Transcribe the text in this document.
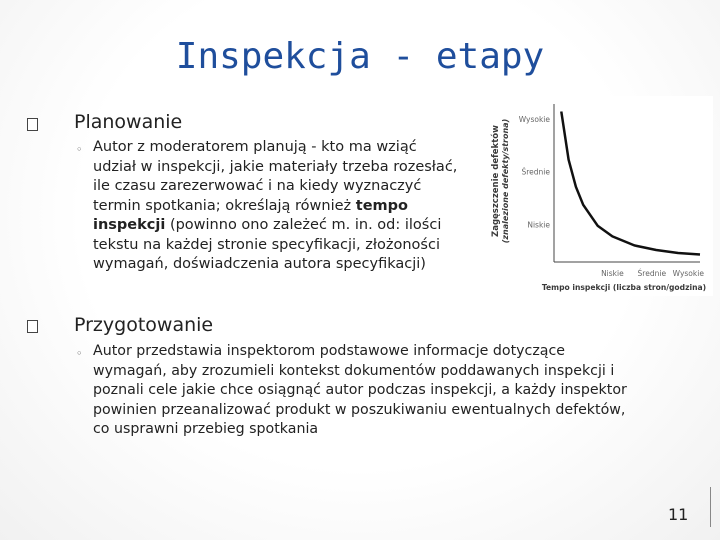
Inspekcja - etapy
Planowanie
◦ Autor z moderatorem planują - kto ma wziąć
udział w inspekcji, jakie materiały trzeba rozesłać,
ile czasu zarezerwować i na kiedy wyznaczyć
termin spotkania; określają również tempo
inspekcji (powinno ono zależeć m. in. od: ilości
tekstu na każdej stronie specyfikacji, złożoności
wymagań, doświadczenia autora specyfikacji)
Zagęszczenie defektów (znalezione defekty/strona) Wysokie
Średnie
Niskie
Niskie Średnie Wysokie
Tempo inspekcji (liczba stron/godzina)
Przygotowanie
◦ Autor przedstawia inspektorom podstawowe informacje dotyczące
wymagań, aby zrozumieli kontekst dokumentów poddawanych inspekcji i
poznali cele jakie chce osiągnąć autor podczas inspekcji, a każdy inspektor
powinien przeanalizować produkt w poszukiwaniu ewentualnych defektów,
co usprawni przebieg spotkania
11
